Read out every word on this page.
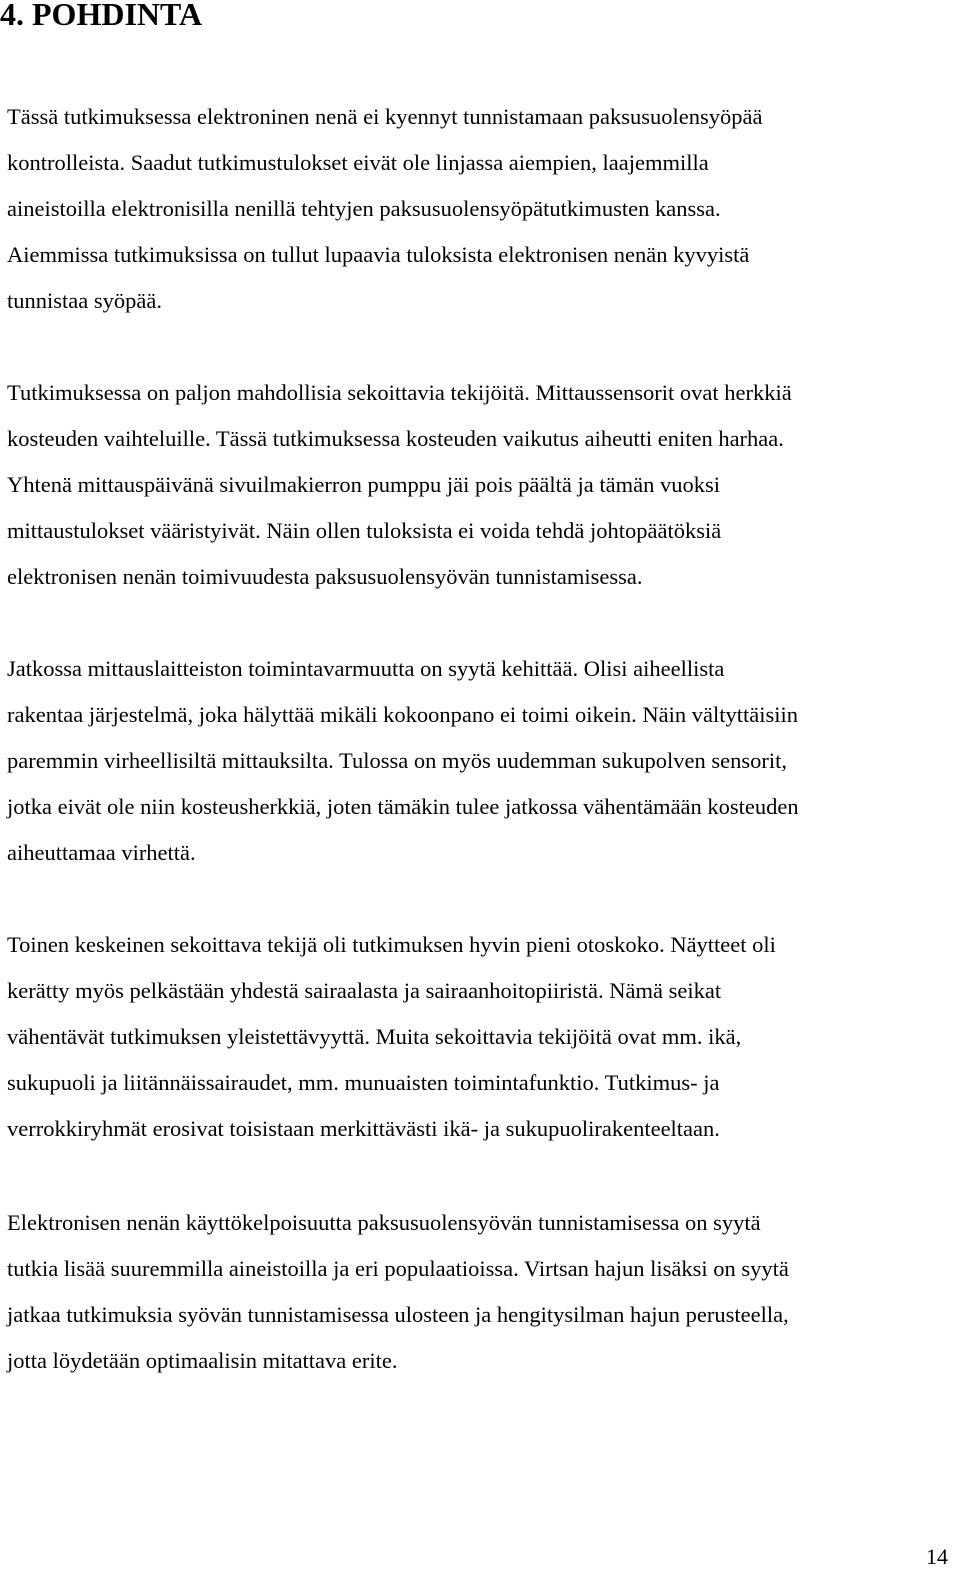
4. POHDINTA
Tässä tutkimuksessa elektroninen nenä ei kyennyt tunnistamaan paksusuolensyöpää
kontrolleista. Saadut tutkimustulokset eivät ole linjassa aiempien, laajemmilla
aineistoilla elektronisilla nenillä tehtyjen paksusuolensyöpätutkimusten kanssa.
Aiemmissa tutkimuksissa on tullut lupaavia tuloksista elektronisen nenän kyvyistä
tunnistaa syöpää.
Tutkimuksessa on paljon mahdollisia sekoittavia tekijöitä. Mittaussensorit ovat herkkiä
kosteuden vaihteluille. Tässä tutkimuksessa kosteuden vaikutus aiheutti eniten harhaa.
Yhtenä mittauspäivänä sivuilmakierron pumppu jäi pois päältä ja tämän vuoksi
mittaustulokset vääristyivät. Näin ollen tuloksista ei voida tehdä johtopäätöksiä
elektronisen nenän toimivuudesta paksusuolensyövän tunnistamisessa.
Jatkossa mittauslaitteiston toimintavarmuutta on syytä kehittää. Olisi aiheellista
rakentaa järjestelmä, joka hälyttää mikäli kokoonpano ei toimi oikein. Näin vältyttäisiin
paremmin virheellisiltä mittauksilta. Tulossa on myös uudemman sukupolven sensorit,
jotka eivät ole niin kosteusherkkiä, joten tämäkin tulee jatkossa vähentämään kosteuden
aiheuttamaa virhettä.
Toinen keskeinen sekoittava tekijä oli tutkimuksen hyvin pieni otoskoko. Näytteet oli
kerätty myös pelkästään yhdestä sairaalasta ja sairaanhoitopiiristä. Nämä seikat
vähentävät tutkimuksen yleistettävyyttä. Muita sekoittavia tekijöitä ovat mm. ikä,
sukupuoli ja liitännäissairaudet, mm. munuaisten toimintafunktio. Tutkimus- ja
verrokkiryhmät erosivat toisistaan merkittävästi ikä- ja sukupuolirakenteeltaan.
Elektronisen nenän käyttökelpoisuutta paksusuolensyövän tunnistamisessa on syytä
tutkia lisää suuremmilla aineistoilla ja eri populaatioissa. Virtsan hajun lisäksi on syytä
jatkaa tutkimuksia syövän tunnistamisessa ulosteen ja hengitysilman hajun perusteella,
jotta löydetään optimaalisin mitattava erite.
14
